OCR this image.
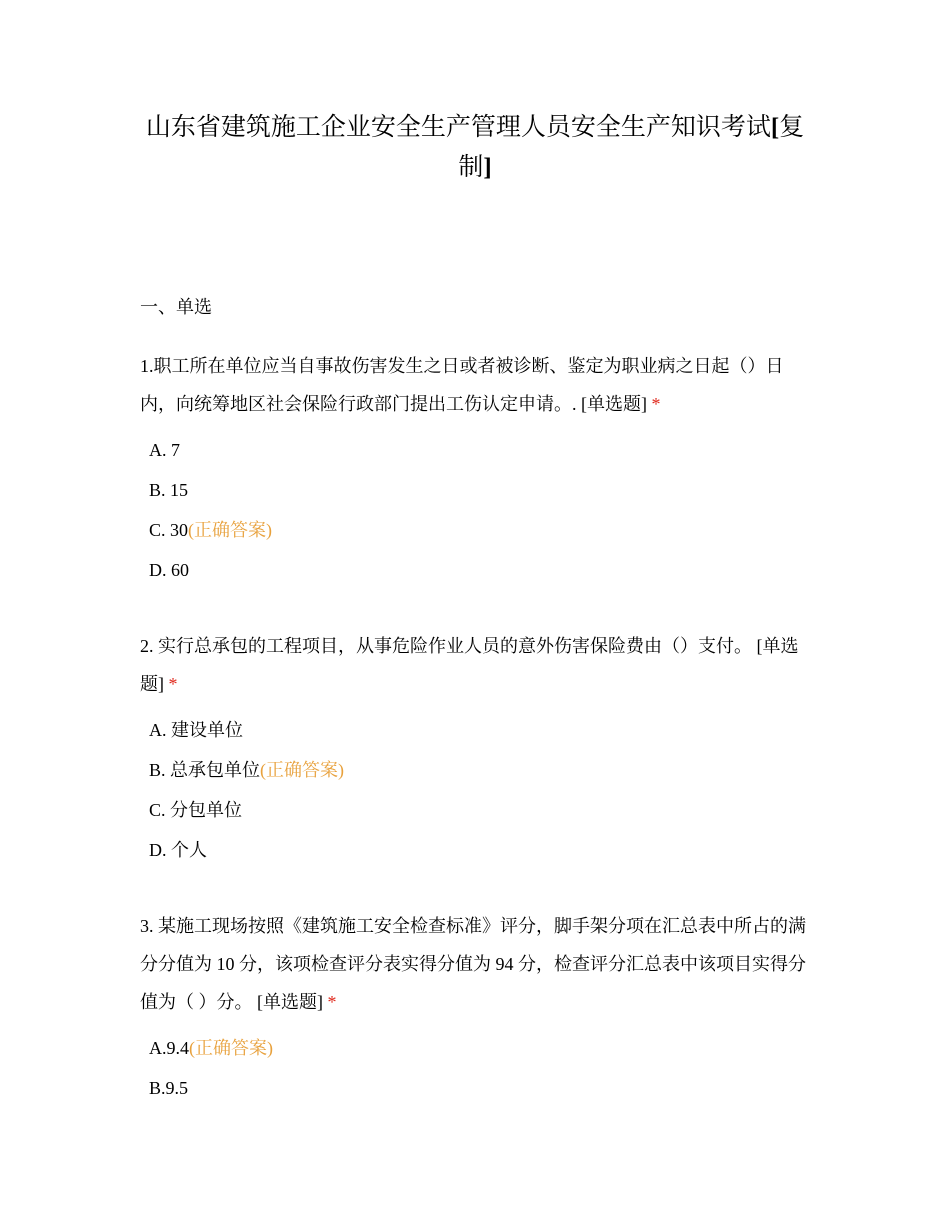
山东省建筑施工企业安全生产管理人员安全生产知识考试[复
制]

一、单选

1.职工所在单位应当自事故伤害发生之日或者被诊断、鉴定为职业病之日起（）日内，向统筹地区社会保险行政部门提出工伤认定申请。. [单选题] *

A. 7

B. 15

C. 30(正确答案)

D. 60

2. 实行总承包的工程项目，从事危险作业人员的意外伤害保险费由（）支付。 [单选题] *

A. 建设单位

B. 总承包单位(正确答案)

C. 分包单位

D. 个人

3. 某施工现场按照《建筑施工安全检查标准》评分，脚手架分项在汇总表中所占的满分分值为 10 分，该项检查评分表实得分值为 94 分，检查评分汇总表中该项目实得分值为（ ）分。 [单选题] *

A.9.4(正确答案)

B.9.5
